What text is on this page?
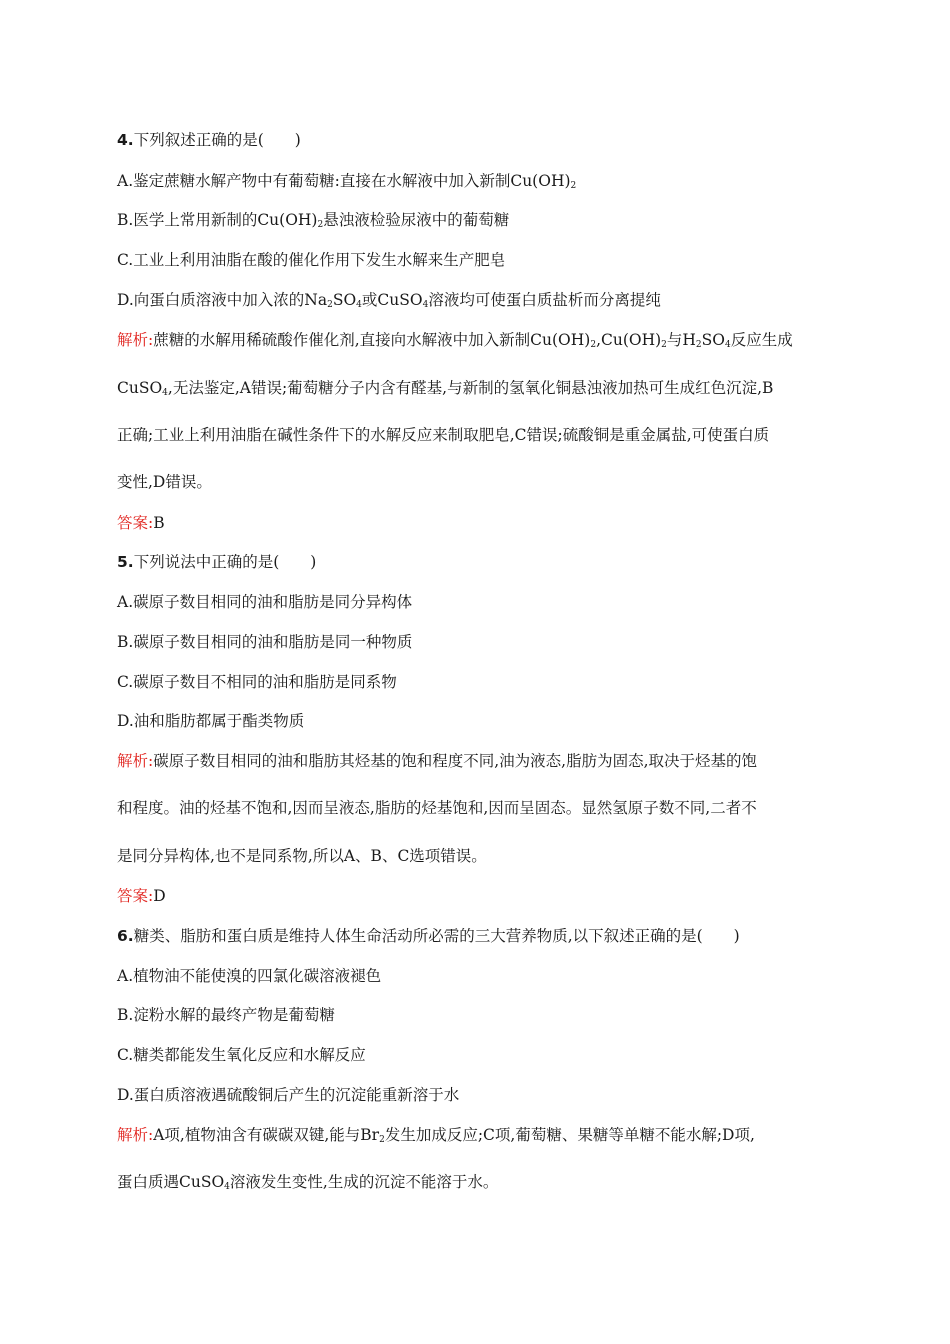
4.下列叙述正确的是(　　)

A.鉴定蔗糖水解产物中有葡萄糖:直接在水解液中加入新制$Cu(OH)_2$

B.医学上常用新制的$Cu(OH)_2$悬浊液检验尿液中的葡萄糖

C.工业上利用油脂在酸的催化作用下发生水解来生产肥皂

D.向蛋白质溶液中加入浓的$Na_2SO_4$或CuSO$_4$溶液均可使蛋白质盐析而分离提纯

解析:蔗糖的水解用稀硫酸作催化剂,直接向水解液中加入新制$Cu(OH)_2,Cu(OH)_2$与$H_2SO_4$反应生成

CuSO$_4$,无法鉴定,A错误;葡萄糖分子内含有醛基,与新制的氢氧化铜悬浊液加热可生成红色沉淀,B

正确;工业上利用油脂在碱性条件下的水解反应来制取肥皂,C错误;硫酸铜是重金属盐,可使蛋白质

变性,D错误。

答案:B

5.下列说法中正确的是(　　)

A.碳原子数目相同的油和脂肪是同分异构体

B.碳原子数目相同的油和脂肪是同一种物质

C.碳原子数目不相同的油和脂肪是同系物

D.油和脂肪都属于酯类物质

解析:碳原子数目相同的油和脂肪其烃基的饱和程度不同,油为液态,脂肪为固态,取决于烃基的饱

和程度。油的烃基不饱和,因而呈液态,脂肪的烃基饱和,因而呈固态。显然氢原子数不同,二者不

是同分异构体,也不是同系物,所以A、B、C选项错误。

答案:D

6.糖类、脂肪和蛋白质是维持人体生命活动所必需的三大营养物质,以下叙述正确的是(　　)

A.植物油不能使溴的四氯化碳溶液褪色

B.淀粉水解的最终产物是葡萄糖

C.糖类都能发生氧化反应和水解反应

D.蛋白质溶液遇硫酸铜后产生的沉淀能重新溶于水

解析:A项,植物油含有碳碳双键,能与$Br_2$发生加成反应;C项,葡萄糖、果糖等单糖不能水解;D项,

蛋白质遇CuSO$_4$溶液发生变性,生成的沉淀不能溶于水。
